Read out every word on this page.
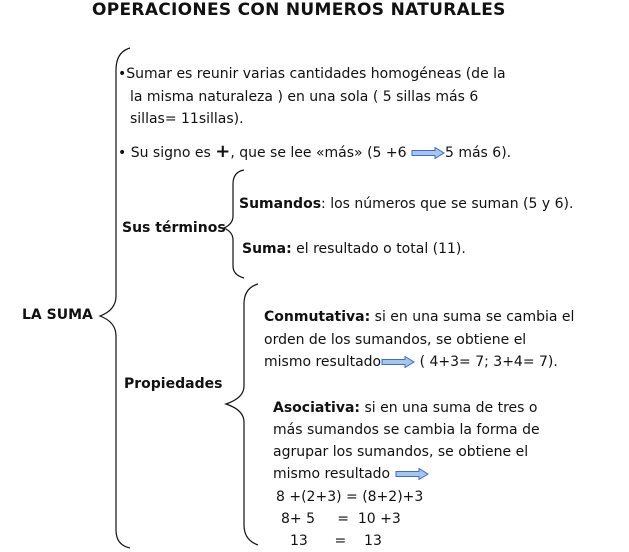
OPERACIONES CON NUMEROS NATURALES
LA SUMA
•Sumar es reunir varias cantidades homogéneas (de la
la misma naturaleza ) en una sola ( 5 sillas más 6
sillas= 11sillas).
• Su signo es +, que se lee «más» (5 +6 5 más 6).
Sus términos
Sumandos: los números que se suman (5 y 6).
Suma: el resultado o total (11).
Propiedades
Conmutativa: si en una suma se cambia el
orden de los sumandos, se obtiene el
mismo resultado ( 4+3= 7; 3+4= 7).
Asociativa: si en una suma de tres o
más sumandos se cambia la forma de
agrupar los sumandos, se obtiene el
mismo resultado
8 +(2+3) = (8+2)+3
8+ 5     =  10 +3
13      =    13
